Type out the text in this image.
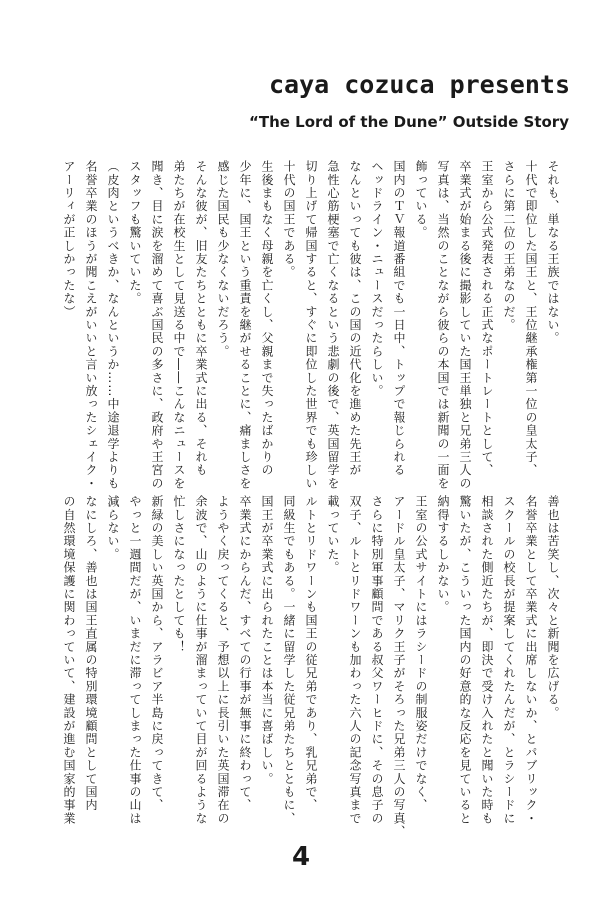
caya cozuca presents
“The Lord of the Dune” Outside Story

それも、単なる王族ではない。

十代で即位した国王と、王位継承権第一位の皇太子、

さらに第二位の王弟なのだ。

王室から公式発表される正式なポートレートとして、

卒業式が始まる後に撮影していた国王単独と兄弟三人の

写真は、当然のことながら彼らの本国では新聞の一面を

飾っている。

国内のＴＶ報道番組でも一日中、トップで報じられる

ヘッドライン・ニュースだったらしい。

なんといっても彼は、この国の近代化を進めた先王が

急性心筋梗塞で亡くなるという悲劇の後で、英国留学を

切り上げて帰国すると、すぐに即位した世界でも珍しい

十代の国王である。

生後まもなく母親を亡くし、父親まで失ったばかりの

少年に、国王という重責を継がせることに、痛ましさを

感じた国民も少なくないだろう。

そんな彼が、旧友たちとともに卒業式に出る、それも

弟たちが在校生として見送る中で――こんなニュースを

聞き、目に涙を溜めて喜ぶ国民の多さに、政府や王宮の

スタッフも驚いていた。

（皮肉というべきか、なんというか……中途退学よりも

名誉卒業のほうが聞こえがいいと言い放ったシェイク・

アーリィが正しかったな）

善也は苦笑し、次々と新聞を広げる。

名誉卒業として卒業式に出席しないか、とパブリック・

スクールの校長が提案してくれたんだが、とラシードに

相談された側近たちが、即決で受け入れたと聞いた時も

驚いたが、こういった国内の好意的な反応を見ていると

納得するしかない。

王室の公式サイトにはラシードの制服姿だけでなく、

アードル皇太子、マリク王子がそろった兄弟三人の写真、

さらに特別軍事顧問である叔父ワーヒドに、その息子の

双子、ルトとリドワーンも加わった六人の記念写真まで

載っていた。

ルトとリドワーンも国王の従兄弟であり、乳兄弟で、

同級生でもある。一緒に留学した従兄弟たちとともに、

国王が卒業式に出られたことは本当に喜ばしい。

卒業式にからんだ、すべての行事が無事に終わって、

ようやく戻ってくると、予想以上に長引いた英国滞在の

余波で、山のように仕事が溜まっていて目が回るような

忙しさになったとしても！

新緑の美しい英国から、アラビア半島に戻ってきて、

やっと一週間だが、いまだに滞ってしまった仕事の山は

減らない。

なにしろ、善也は国王直属の特別環境顧問として国内

の自然環境保護に関わっていて、建設が進む国家的事業

4
